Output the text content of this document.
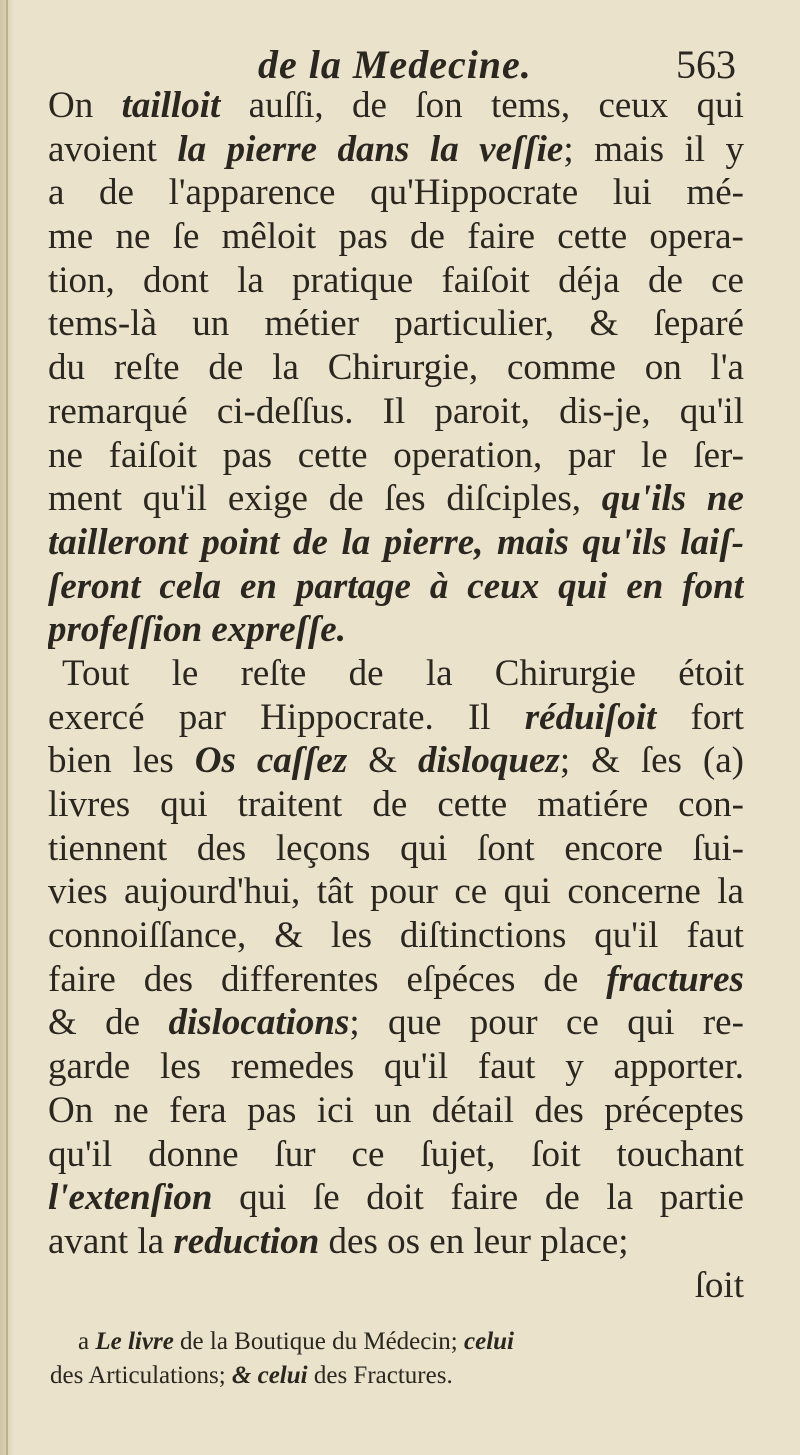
de la Medecine.	563
On tailloit auſſi, de ſon tems, ceux qui
avoient la pierre dans la veſſie; mais il y
a de l'apparence qu'Hippocrate lui mé-
me ne ſe mêloit pas de faire cette opera-
tion, dont la pratique faiſoit déja de ce
tems-là un métier particulier, & ſeparé
du reſte de la Chirurgie, comme on l'a
remarqué ci-deſſus. Il paroit, dis-je, qu'il
ne faiſoit pas cette operation, par le ſer-
ment qu'il exige de ſes diſciples, qu'ils ne
tailleront point de la pierre, mais qu'ils laiſ-
ſeront cela en partage à ceux qui en font
profeſſion expreſſe.
Tout le reſte de la Chirurgie étoit
exercé par Hippocrate. Il réduiſoit fort
bien les Os caſſez & disloquez; & ſes (a)
livres qui traitent de cette matiére con-
tiennent des leçons qui ſont encore ſui-
vies aujourd'hui, tât pour ce qui concerne la
connoiſſance, & les diſtinctions qu'il faut
faire des differentes eſpéces de fractures
& de dislocations; que pour ce qui re-
garde les remedes qu'il faut y apporter.
On ne fera pas ici un détail des préceptes
qu'il donne ſur ce ſujet, ſoit touchant
l'extenſion qui ſe doit faire de la partie
avant la reduction des os en leur place;
ſoit
a Le livre de la Boutique du Médecin; celui
des Articulations; & celui des Fractures.
